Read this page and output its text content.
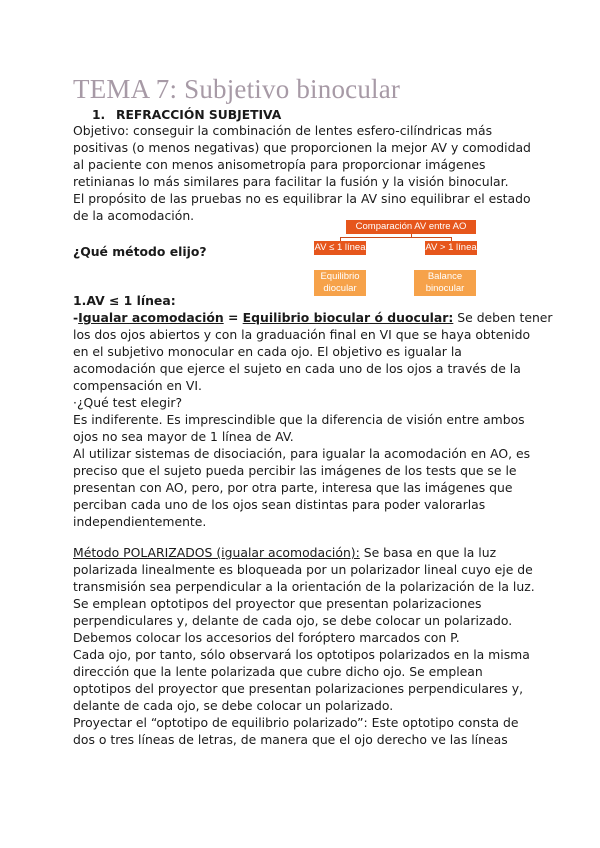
TEMA 7: Subjetivo binocular
1. REFRACCIÓN SUBJETIVA
Objetivo: conseguir la combinación de lentes esfero-cilíndricas más
positivas (o menos negativas) que proporcionen la mejor AV y comodidad
al paciente con menos anisometropía para proporcionar imágenes
retinianas lo más similares para facilitar la fusión y la visión binocular.
El propósito de las pruebas no es equilibrar la AV sino equilibrar el estado
de la acomodación.
¿Qué método elijo?
Comparación AV entre AO
AV ≤ 1 línea	AV > 1 línea
Equilibrio
diocular
Balance
binocular
1.AV ≤ 1 línea:
-Igualar acomodación = Equilibrio biocular ó duocular: Se deben tener
los dos ojos abiertos y con la graduación final en VI que se haya obtenido
en el subjetivo monocular en cada ojo. El objetivo es igualar la
acomodación que ejerce el sujeto en cada uno de los ojos a través de la
compensación en VI.
·¿Qué test elegir?
Es indiferente. Es imprescindible que la diferencia de visión entre ambos
ojos no sea mayor de 1 línea de AV.
Al utilizar sistemas de disociación, para igualar la acomodación en AO, es
preciso que el sujeto pueda percibir las imágenes de los tests que se le
presentan con AO, pero, por otra parte, interesa que las imágenes que
perciban cada uno de los ojos sean distintas para poder valorarlas
independientemente.
Método POLARIZADOS (igualar acomodación): Se basa en que la luz
polarizada linealmente es bloqueada por un polarizador lineal cuyo eje de
transmisión sea perpendicular a la orientación de la polarización de la luz.
Se emplean optotipos del proyector que presentan polarizaciones
perpendiculares y, delante de cada ojo, se debe colocar un polarizado.
Debemos colocar los accesorios del foróptero marcados con P.
Cada ojo, por tanto, sólo observará los optotipos polarizados en la misma
dirección que la lente polarizada que cubre dicho ojo. Se emplean
optotipos del proyector que presentan polarizaciones perpendiculares y,
delante de cada ojo, se debe colocar un polarizado.
Proyectar el “optotipo de equilibrio polarizado”: Este optotipo consta de
dos o tres líneas de letras, de manera que el ojo derecho ve las líneas
